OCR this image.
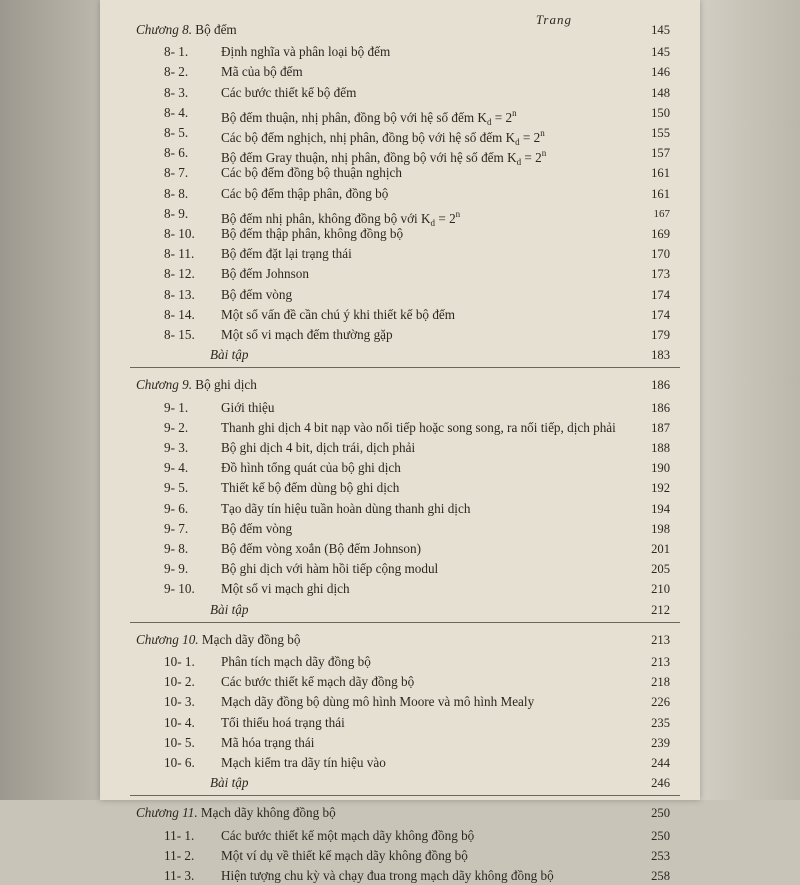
Trang
Chương 8. Bộ đếm	145
8- 1. Định nghĩa và phân loại bộ đếm	145
8- 2. Mã của bộ đếm	146
8- 3. Các bước thiết kế bộ đếm	148
8- 4. Bộ đếm thuận, nhị phân, đồng bộ với hệ số đếm $K_d = 2^n$	150
8- 5. Các bộ đếm nghịch, nhị phân, đồng bộ với hệ số đếm $K_d = 2^n$	155
8- 6. Bộ đếm Gray thuận, nhị phân, đồng bộ với hệ số đếm $K_d = 2^n$	157
8- 7. Các bộ đếm đồng bộ thuận nghịch	161
8- 8. Các bộ đếm thập phân, đồng bộ	161
8- 9. Bộ đếm nhị phân, không đồng bộ với $K_d = 2^n$	167
8- 10. Bộ đếm thập phân, không đồng bộ	169
8- 11. Bộ đếm đặt lại trạng thái	170
8- 12. Bộ đếm Johnson	173
8- 13. Bộ đếm vòng	174
8- 14. Một số vấn đề cần chú ý khi thiết kế bộ đếm	174
8- 15. Một số vi mạch đếm thường gặp	179
Bài tập	183
Chương 9. Bộ ghi dịch	186
9- 1. Giới thiệu	186
9- 2. Thanh ghi dịch 4 bit nạp vào nối tiếp hoặc song song, ra nối tiếp, dịch phải	187
9- 3. Bộ ghi dịch 4 bit, dịch trái, dịch phải	188
9- 4. Đồ hình tổng quát của bộ ghi dịch	190
9- 5. Thiết kế bộ đếm dùng bộ ghi dịch	192
9- 6. Tạo dãy tín hiệu tuần hoàn dùng thanh ghi dịch	194
9- 7. Bộ đếm vòng	198
9- 8. Bộ đếm vòng xoắn (Bộ đếm Johnson)	201
9- 9. Bộ ghi dịch với hàm hồi tiếp cộng modul	205
9- 10. Một số vi mạch ghi dịch	210
Bài tập	212
Chương 10. Mạch dãy đồng bộ	213
10- 1. Phân tích mạch dãy đồng bộ	213
10- 2. Các bước thiết kế mạch dãy đồng bộ	218
10- 3. Mạch dãy đồng bộ dùng mô hình Moore và mô hình Mealy	226
10- 4. Tối thiểu hoá trạng thái	235
10- 5. Mã hóa trạng thái	239
10- 6. Mạch kiểm tra dãy tín hiệu vào	244
Bài tập	246
Chương 11. Mạch dãy không đồng bộ	250
11- 1. Các bước thiết kế một mạch dãy không đồng bộ	250
11- 2. Một ví dụ về thiết kế mạch dãy không đồng bộ	253
11- 3. Hiện tượng chu kỳ và chạy đua trong mạch dãy không đồng bộ	258
